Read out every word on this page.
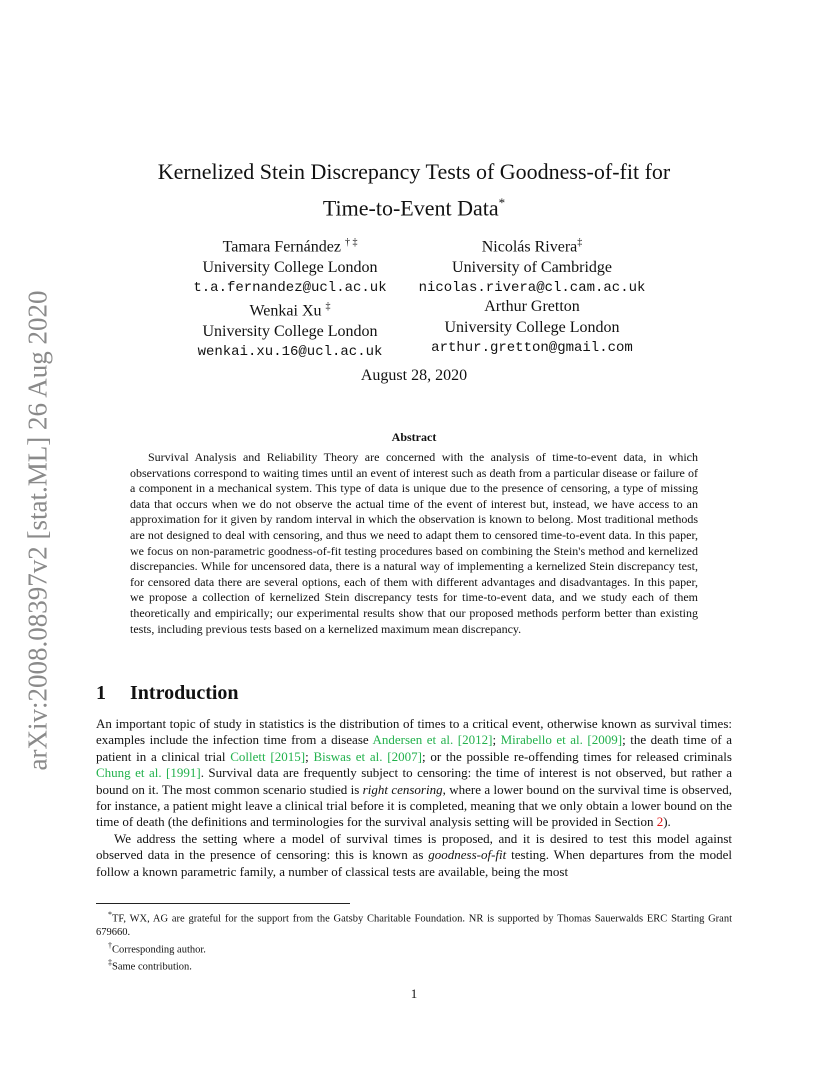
arXiv:2008.08397v2 [stat.ML] 26 Aug 2020
Kernelized Stein Discrepancy Tests of Goodness-of-fit for
Time-to-Event Data*
Tamara Fernández † ‡
University College London
t.a.fernandez@ucl.ac.uk
Nicolás Rivera‡
University of Cambridge
nicolas.rivera@cl.cam.ac.uk
Wenkai Xu ‡
University College London
wenkai.xu.16@ucl.ac.uk
Arthur Gretton
University College London
arthur.gretton@gmail.com
August 28, 2020
Abstract

Survival Analysis and Reliability Theory are concerned with the analysis of time-to-event data, in which observations correspond to waiting times until an event of interest such as death from a particular disease or failure of a component in a mechanical system. This type of data is unique due to the presence of censoring, a type of missing data that occurs when we do not observe the actual time of the event of interest but, instead, we have access to an approximation for it given by random interval in which the observation is known to belong. Most traditional methods are not designed to deal with censoring, and thus we need to adapt them to censored time-to-event data. In this paper, we focus on non-parametric goodness-of-fit testing procedures based on combining the Stein's method and kernelized discrepancies. While for uncensored data, there is a natural way of implementing a kernelized Stein discrepancy test, for censored data there are several options, each of them with different advantages and disadvantages. In this paper, we propose a collection of kernelized Stein discrepancy tests for time-to-event data, and we study each of them theoretically and empirically; our experimental results show that our proposed methods perform better than existing tests, including previous tests based on a kernelized maximum mean discrepancy.

1 Introduction

An important topic of study in statistics is the distribution of times to a critical event, otherwise known as survival times: examples include the infection time from a disease Andersen et al. [2012]; Mirabello et al. [2009]; the death time of a patient in a clinical trial Collett [2015]; Biswas et al. [2007]; or the possible re-offending times for released criminals Chung et al. [1991]. Survival data are frequently subject to censoring: the time of interest is not observed, but rather a bound on it. The most common scenario studied is right censoring, where a lower bound on the survival time is observed, for instance, a patient might leave a clinical trial before it is completed, meaning that we only obtain a lower bound on the time of death (the definitions and terminologies for the survival analysis setting will be provided in Section 2).

We address the setting where a model of survival times is proposed, and it is desired to test this model against observed data in the presence of censoring: this is known as goodness-of-fit testing. When departures from the model follow a known parametric family, a number of classical tests are available, being the most

*TF, WX, AG are grateful for the support from the Gatsby Charitable Foundation. NR is supported by Thomas Sauerwalds ERC Starting Grant 679660.

†Corresponding author.

‡Same contribution.

1
